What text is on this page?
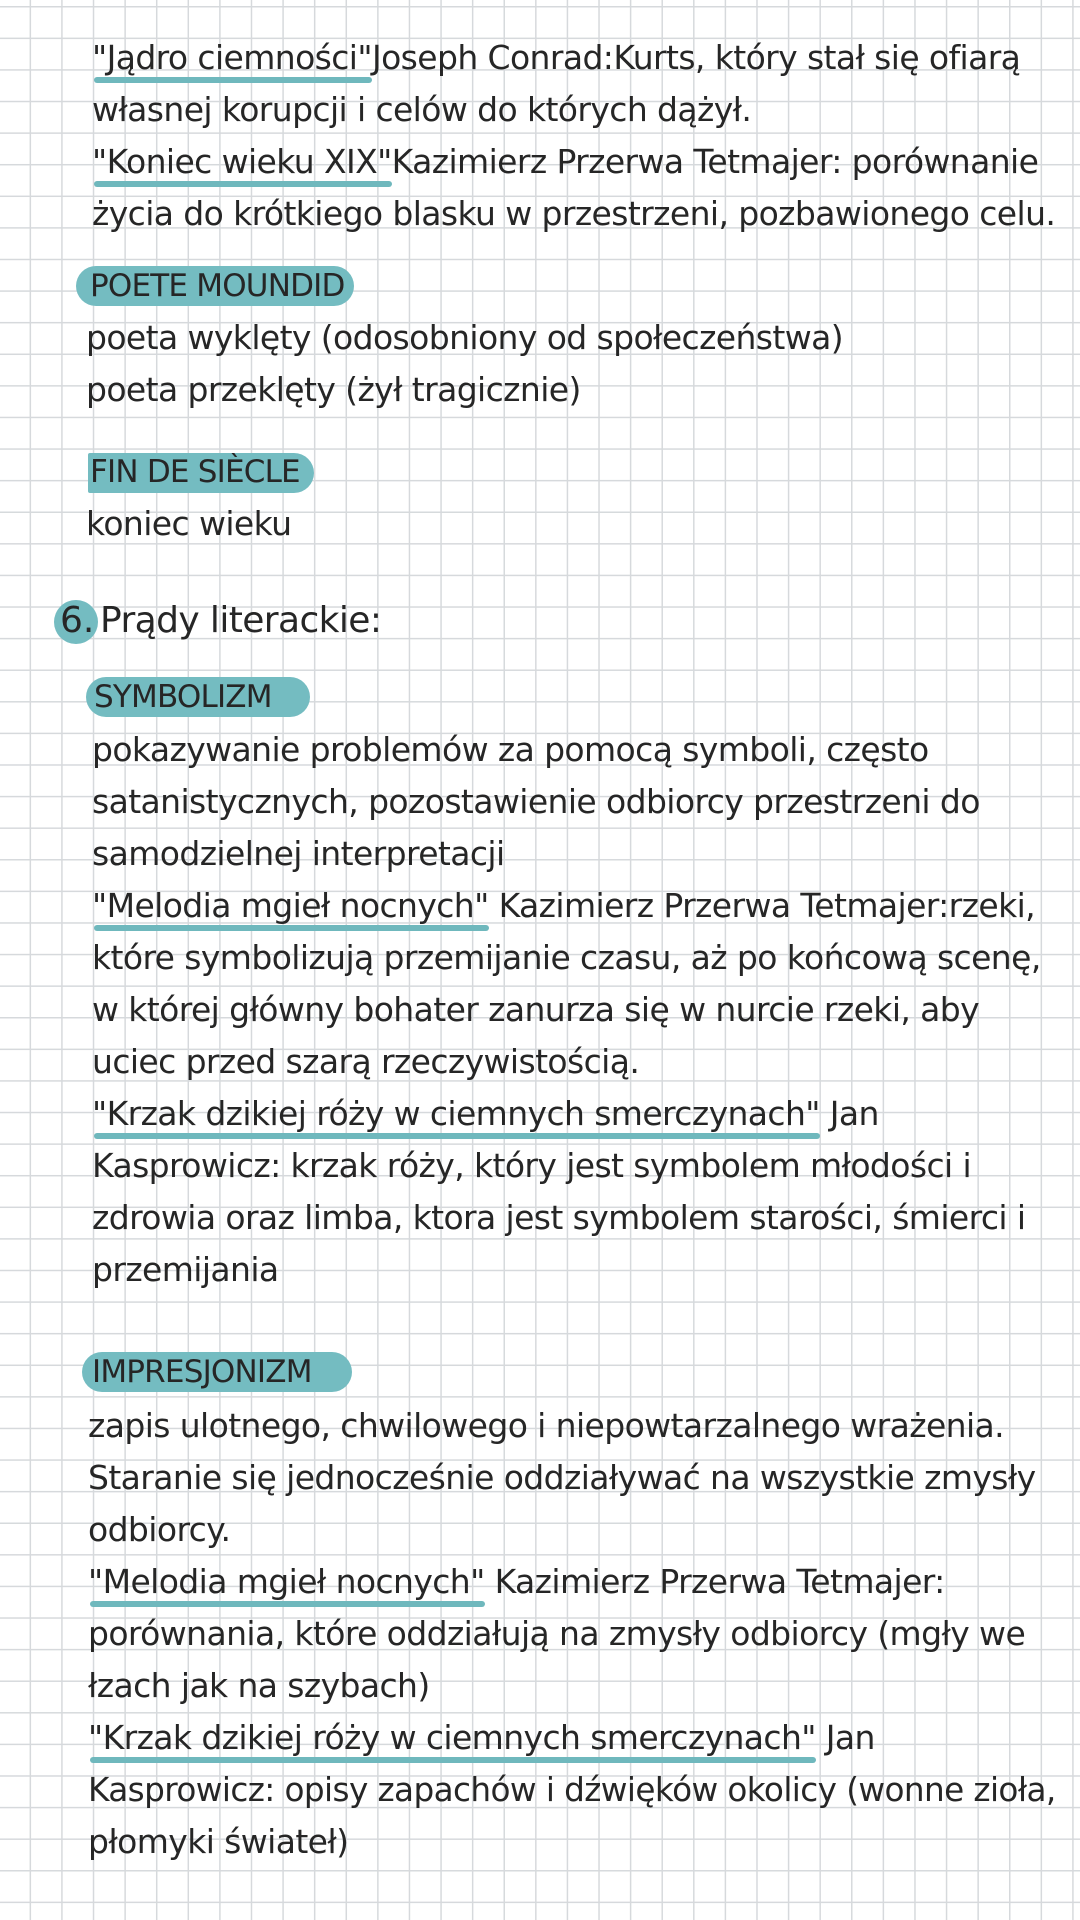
"Jądro ciemności"Joseph Conrad:Kurts, który stał się ofiarą

własnej korupcji i celów do których dążył.

"Koniec wieku XIX"Kazimierz Przerwa Tetmajer: porównanie

życia do krótkiego blasku w przestrzeni, pozbawionego celu.

POETE MOUNDID

poeta wyklęty (odosobniony od społeczeństwa)

poeta przeklęty (żył tragicznie)

FIN DE SIÈCLE

koniec wieku

6. Prądy literackie:

SYMBOLIZM

pokazywanie problemów za pomocą symboli, często

satanistycznych, pozostawienie odbiorcy przestrzeni do

samodzielnej interpretacji

"Melodia mgieł nocnych" Kazimierz Przerwa Tetmajer:rzeki,

które symbolizują przemijanie czasu, aż po końcową scenę,

w której główny bohater zanurza się w nurcie rzeki, aby

uciec przed szarą rzeczywistością.

"Krzak dzikiej róży w ciemnych smerczynach" Jan

Kasprowicz: krzak róży, który jest symbolem młodości i

zdrowia oraz limba, ktora jest symbolem starości, śmierci i

przemijania

IMPRESJONIZM

zapis ulotnego, chwilowego i niepowtarzalnego wrażenia.

Staranie się jednocześnie oddziaływać na wszystkie zmysły

odbiorcy.

"Melodia mgieł nocnych" Kazimierz Przerwa Tetmajer:

porównania, które oddziałują na zmysły odbiorcy (mgły we

łzach jak na szybach)

"Krzak dzikiej róży w ciemnych smerczynach" Jan

Kasprowicz: opisy zapachów i dźwięków okolicy (wonne zioła,

płomyki świateł)
